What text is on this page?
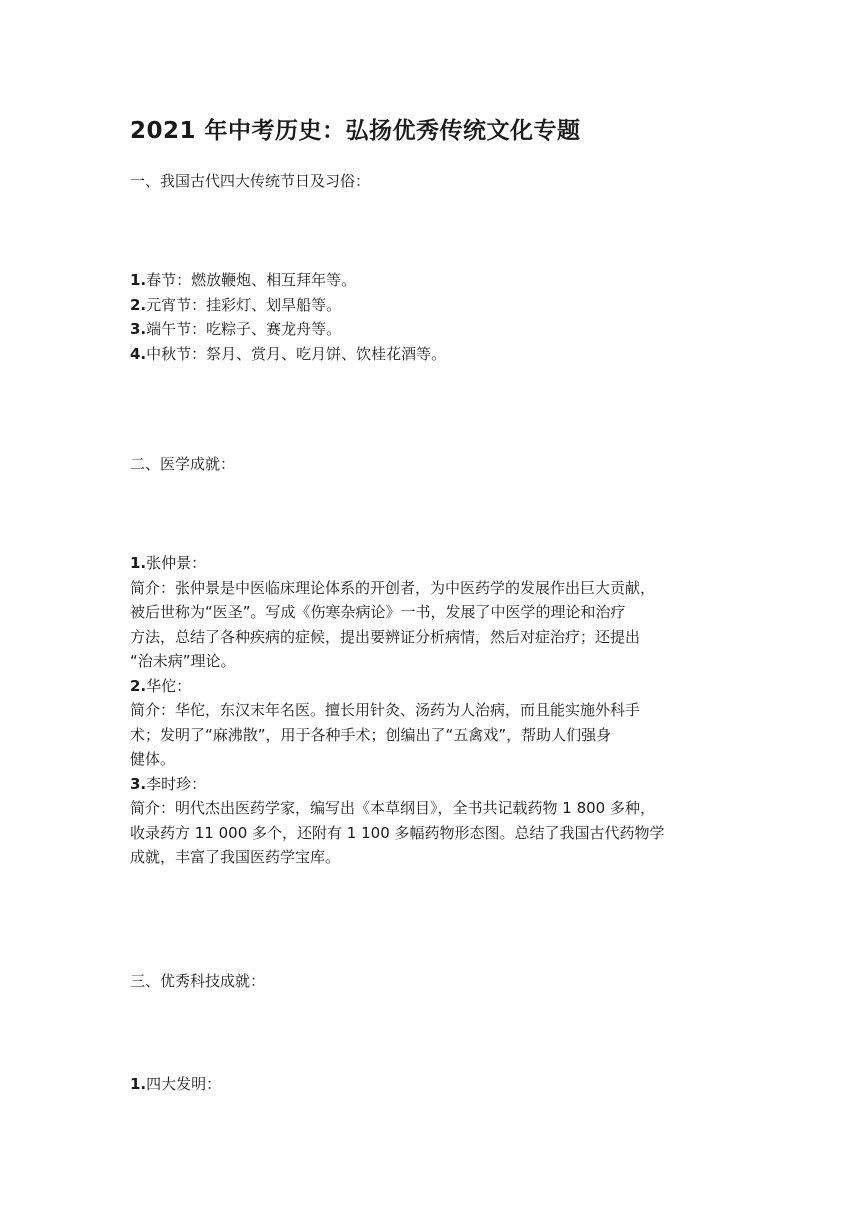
2021 年中考历史：弘扬优秀传统文化专题
一、我国古代四大传统节日及习俗：
1.春节：燃放鞭炮、相互拜年等。
2.元宵节：挂彩灯、划旱船等。
3.端午节：吃粽子、赛龙舟等。
4.中秋节：祭月、赏月、吃月饼、饮桂花酒等。
二、医学成就：
1.张仲景：
简介：张仲景是中医临床理论体系的开创者，为中医药学的发展作出巨大贡献，
被后世称为“医圣”。写成《伤寒杂病论》一书，发展了中医学的理论和治疗
方法，总结了各种疾病的症候，提出要辨证分析病情，然后对症治疗；还提出
“治未病”理论。
2.华佗：
简介：华佗，东汉末年名医。擅长用针灸、汤药为人治病，而且能实施外科手
术；发明了“麻沸散”，用于各种手术；创编出了“五禽戏”，帮助人们强身
健体。
3.李时珍：
简介：明代杰出医药学家，编写出《本草纲目》，全书共记载药物 1 800 多种，
收录药方 11 000 多个，还附有 1 100 多幅药物形态图。总结了我国古代药物学
成就，丰富了我国医药学宝库。
三、优秀科技成就：
1.四大发明：
